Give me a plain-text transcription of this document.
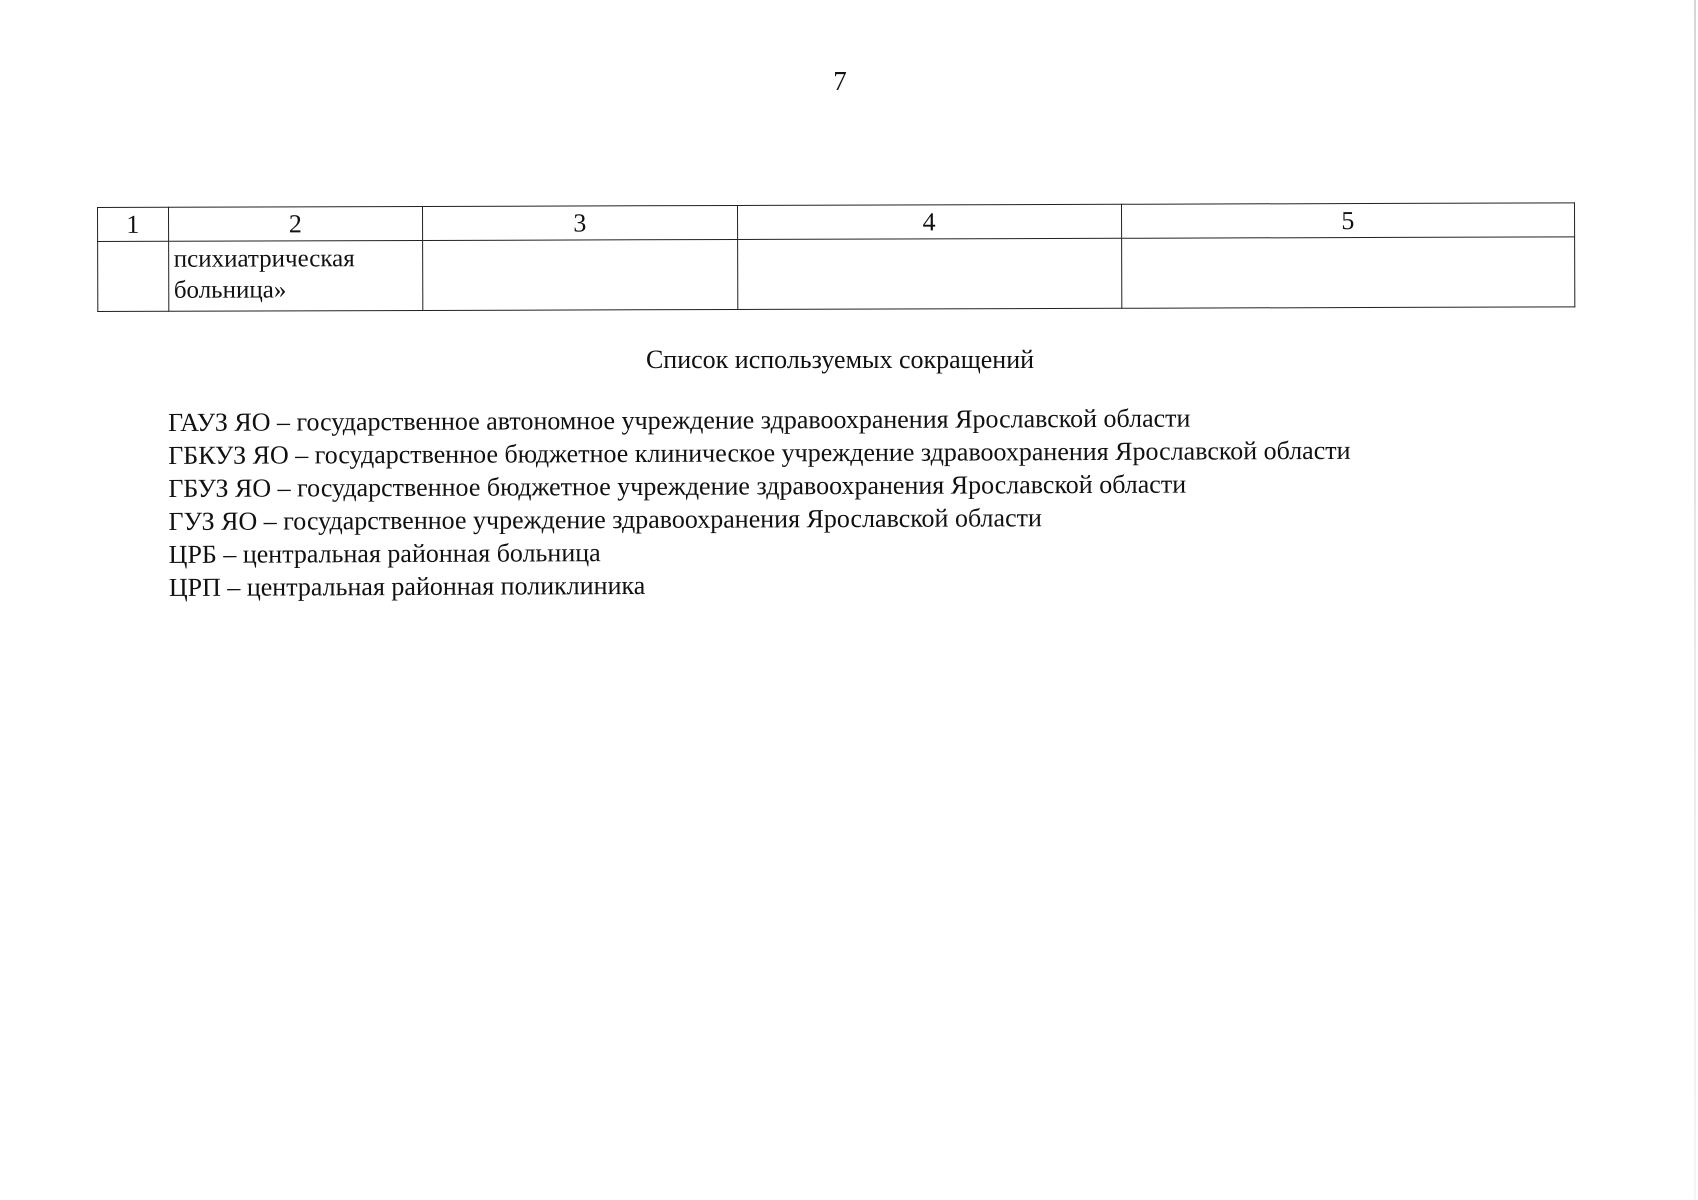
7
1	2	3	4	5
	психиатрическая
больница»			
Список используемых сокращений
ГАУЗ ЯО – государственное автономное учреждение здравоохранения Ярославской области
ГБКУЗ ЯО – государственное бюджетное клиническое учреждение здравоохранения Ярославской области
ГБУЗ ЯО – государственное бюджетное учреждение здравоохранения Ярославской области
ГУЗ ЯО – государственное учреждение здравоохранения Ярославской области
ЦРБ – центральная районная больница
ЦРП – центральная районная поликлиника
